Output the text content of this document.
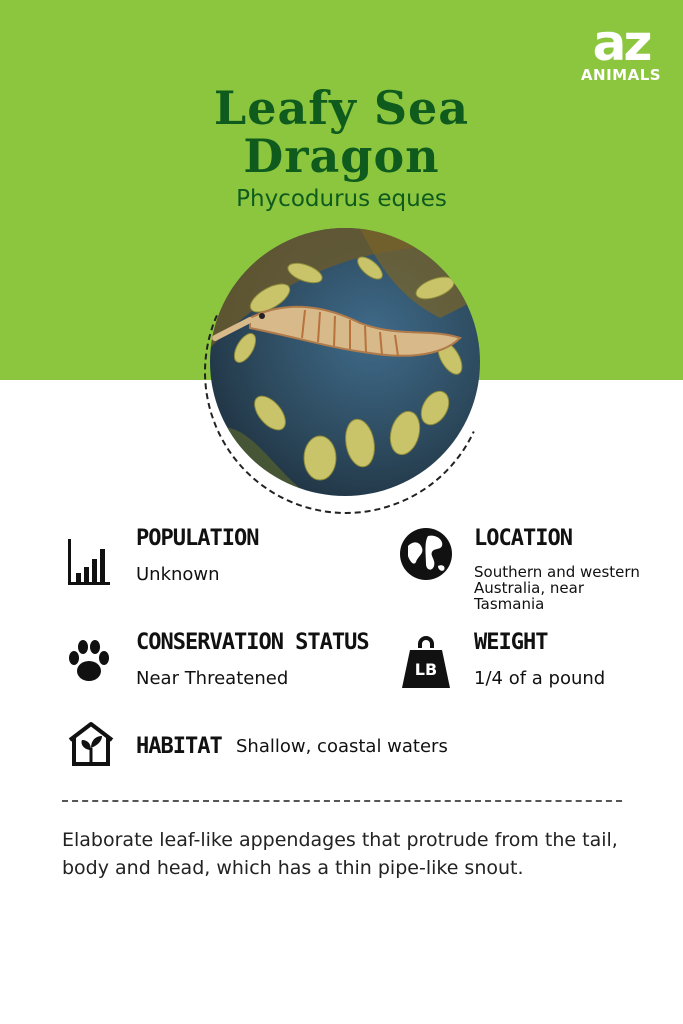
az
ANIMALS
Leafy Sea Dragon
Phycodurus eques
POPULATION
Unknown
LOCATION
Southern and western Australia, near Tasmania
CONSERVATION STATUS
Near Threatened	LB
WEIGHT
1/4 of a pound
HABITAT Shallow, coastal waters
Elaborate leaf-like appendages that protrude from the tail, body and head, which has a thin pipe-like snout.
